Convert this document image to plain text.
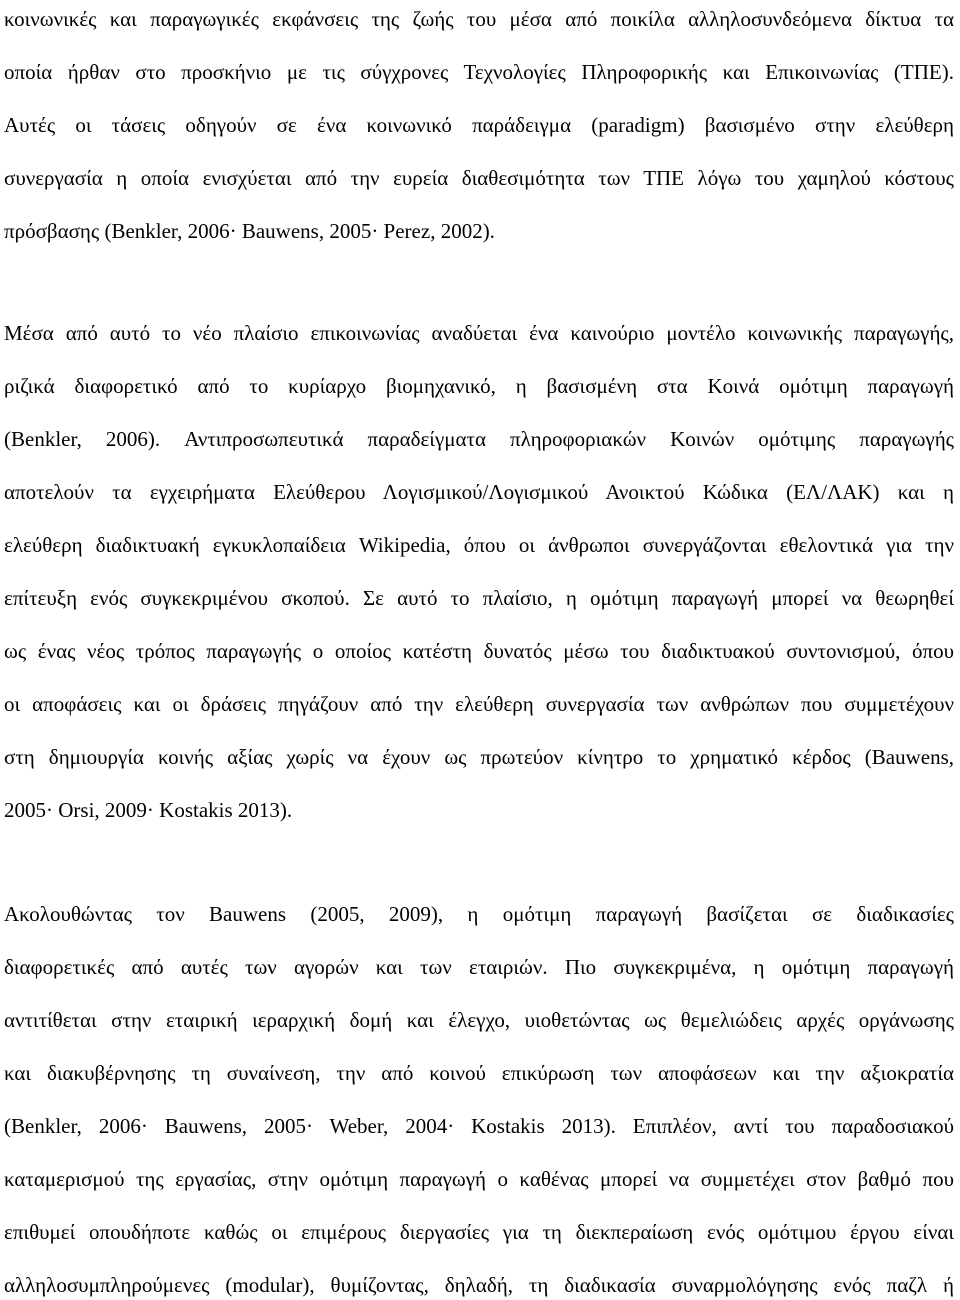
κοινωνικές και παραγωγικές εκφάνσεις της ζωής του μέσα από ποικίλα αλληλοσυνδεόμενα δίκτυα τα
οποία ήρθαν στο προσκήνιο με τις σύγχρονες Τεχνολογίες Πληροφορικής και Επικοινωνίας (ΤΠΕ).
Αυτές οι τάσεις οδηγούν σε ένα κοινωνικό παράδειγμα (paradigm) βασισμένο στην ελεύθερη
συνεργασία η οποία ενισχύεται από την ευρεία διαθεσιμότητα των ΤΠΕ λόγω του χαμηλού κόστους
πρόσβασης (Benkler, 2006· Bauwens, 2005· Perez, 2002).
Μέσα από αυτό το νέο πλαίσιο επικοινωνίας αναδύεται ένα καινούριο μοντέλο κοινωνικής παραγωγής,
ριζικά διαφορετικό από το κυρίαρχο βιομηχανικό, η βασισμένη στα Κοινά ομότιμη παραγωγή
(Benkler, 2006). Αντιπροσωπευτικά παραδείγματα πληροφοριακών Κοινών ομότιμης παραγωγής
αποτελούν τα εγχειρήματα Ελεύθερου Λογισμικού/Λογισμικού Ανοικτού Κώδικα (ΕΛ/ΛΑΚ) και η
ελεύθερη διαδικτυακή εγκυκλοπαίδεια Wikipedia, όπου οι άνθρωποι συνεργάζονται εθελοντικά για την
επίτευξη ενός συγκεκριμένου σκοπού. Σε αυτό το πλαίσιο, η ομότιμη παραγωγή μπορεί να θεωρηθεί
ως ένας νέος τρόπος παραγωγής ο οποίος κατέστη δυνατός μέσω του διαδικτυακού συντονισμού, όπου
οι αποφάσεις και οι δράσεις πηγάζουν από την ελεύθερη συνεργασία των ανθρώπων που συμμετέχουν
στη δημιουργία κοινής αξίας χωρίς να έχουν ως πρωτεύον κίνητρο το χρηματικό κέρδος (Bauwens,
2005· Orsi, 2009· Kostakis 2013).
Ακολουθώντας τον Bauwens (2005, 2009), η ομότιμη παραγωγή βασίζεται σε διαδικασίες
διαφορετικές από αυτές των αγορών και των εταιριών. Πιο συγκεκριμένα, η ομότιμη παραγωγή
αντιτίθεται στην εταιρική ιεραρχική δομή και έλεγχο, υιοθετώντας ως θεμελιώδεις αρχές οργάνωσης
και διακυβέρνησης τη συναίνεση, την από κοινού επικύρωση των αποφάσεων και την αξιοκρατία
(Benkler, 2006· Bauwens, 2005· Weber, 2004· Kostakis 2013). Επιπλέον, αντί του παραδοσιακού
καταμερισμού της εργασίας, στην ομότιμη παραγωγή ο καθένας μπορεί να συμμετέχει στον βαθμό που
επιθυμεί οπουδήποτε καθώς οι επιμέρους διεργασίες για τη διεκπεραίωση ενός ομότιμου έργου είναι
αλληλοσυμπληρούμενες (modular), θυμίζοντας, δηλαδή, τη διαδικασία συναρμολόγησης ενός παζλ ή
